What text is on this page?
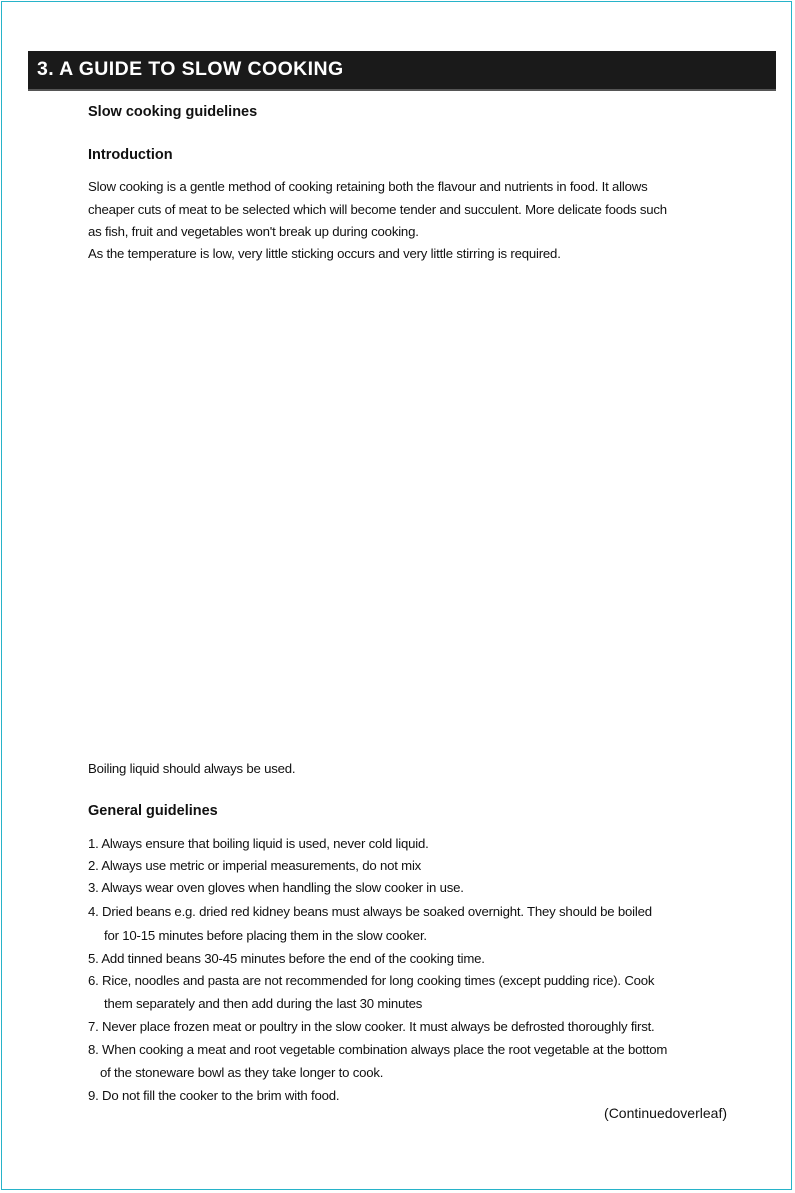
3. A GUIDE TO SLOW COOKING
Slow cooking guidelines
Introduction
Slow cooking is a gentle method of cooking retaining both the flavour and nutrients in food. It allows
cheaper cuts of meat to be selected which will become tender and succulent. More delicate foods such
as fish, fruit and vegetables won't break up during cooking.
As the temperature is low, very little sticking occurs and very little stirring is required.
Boiling liquid should always be used.
General guidelines
1. Always ensure that boiling liquid is used, never cold liquid.
2. Always use metric or imperial measurements, do not mix
3. Always wear oven gloves when handling the slow cooker in use.
4. Dried beans e.g. dried red kidney beans must always be soaked overnight. They should be boiled
for 10-15 minutes before placing them in the slow cooker.
5. Add tinned beans 30-45 minutes before the end of the cooking time.
6. Rice, noodles and pasta are not recommended for long cooking times (except pudding rice). Cook
them separately and then add during the last 30 minutes
7. Never place frozen meat or poultry in the slow cooker. It must always be defrosted thoroughly first.
8. When cooking a meat and root vegetable combination always place the root vegetable at the bottom
of the stoneware bowl as they take longer to cook.
9. Do not fill the cooker to the brim with food.
(Continuedoverleaf)
